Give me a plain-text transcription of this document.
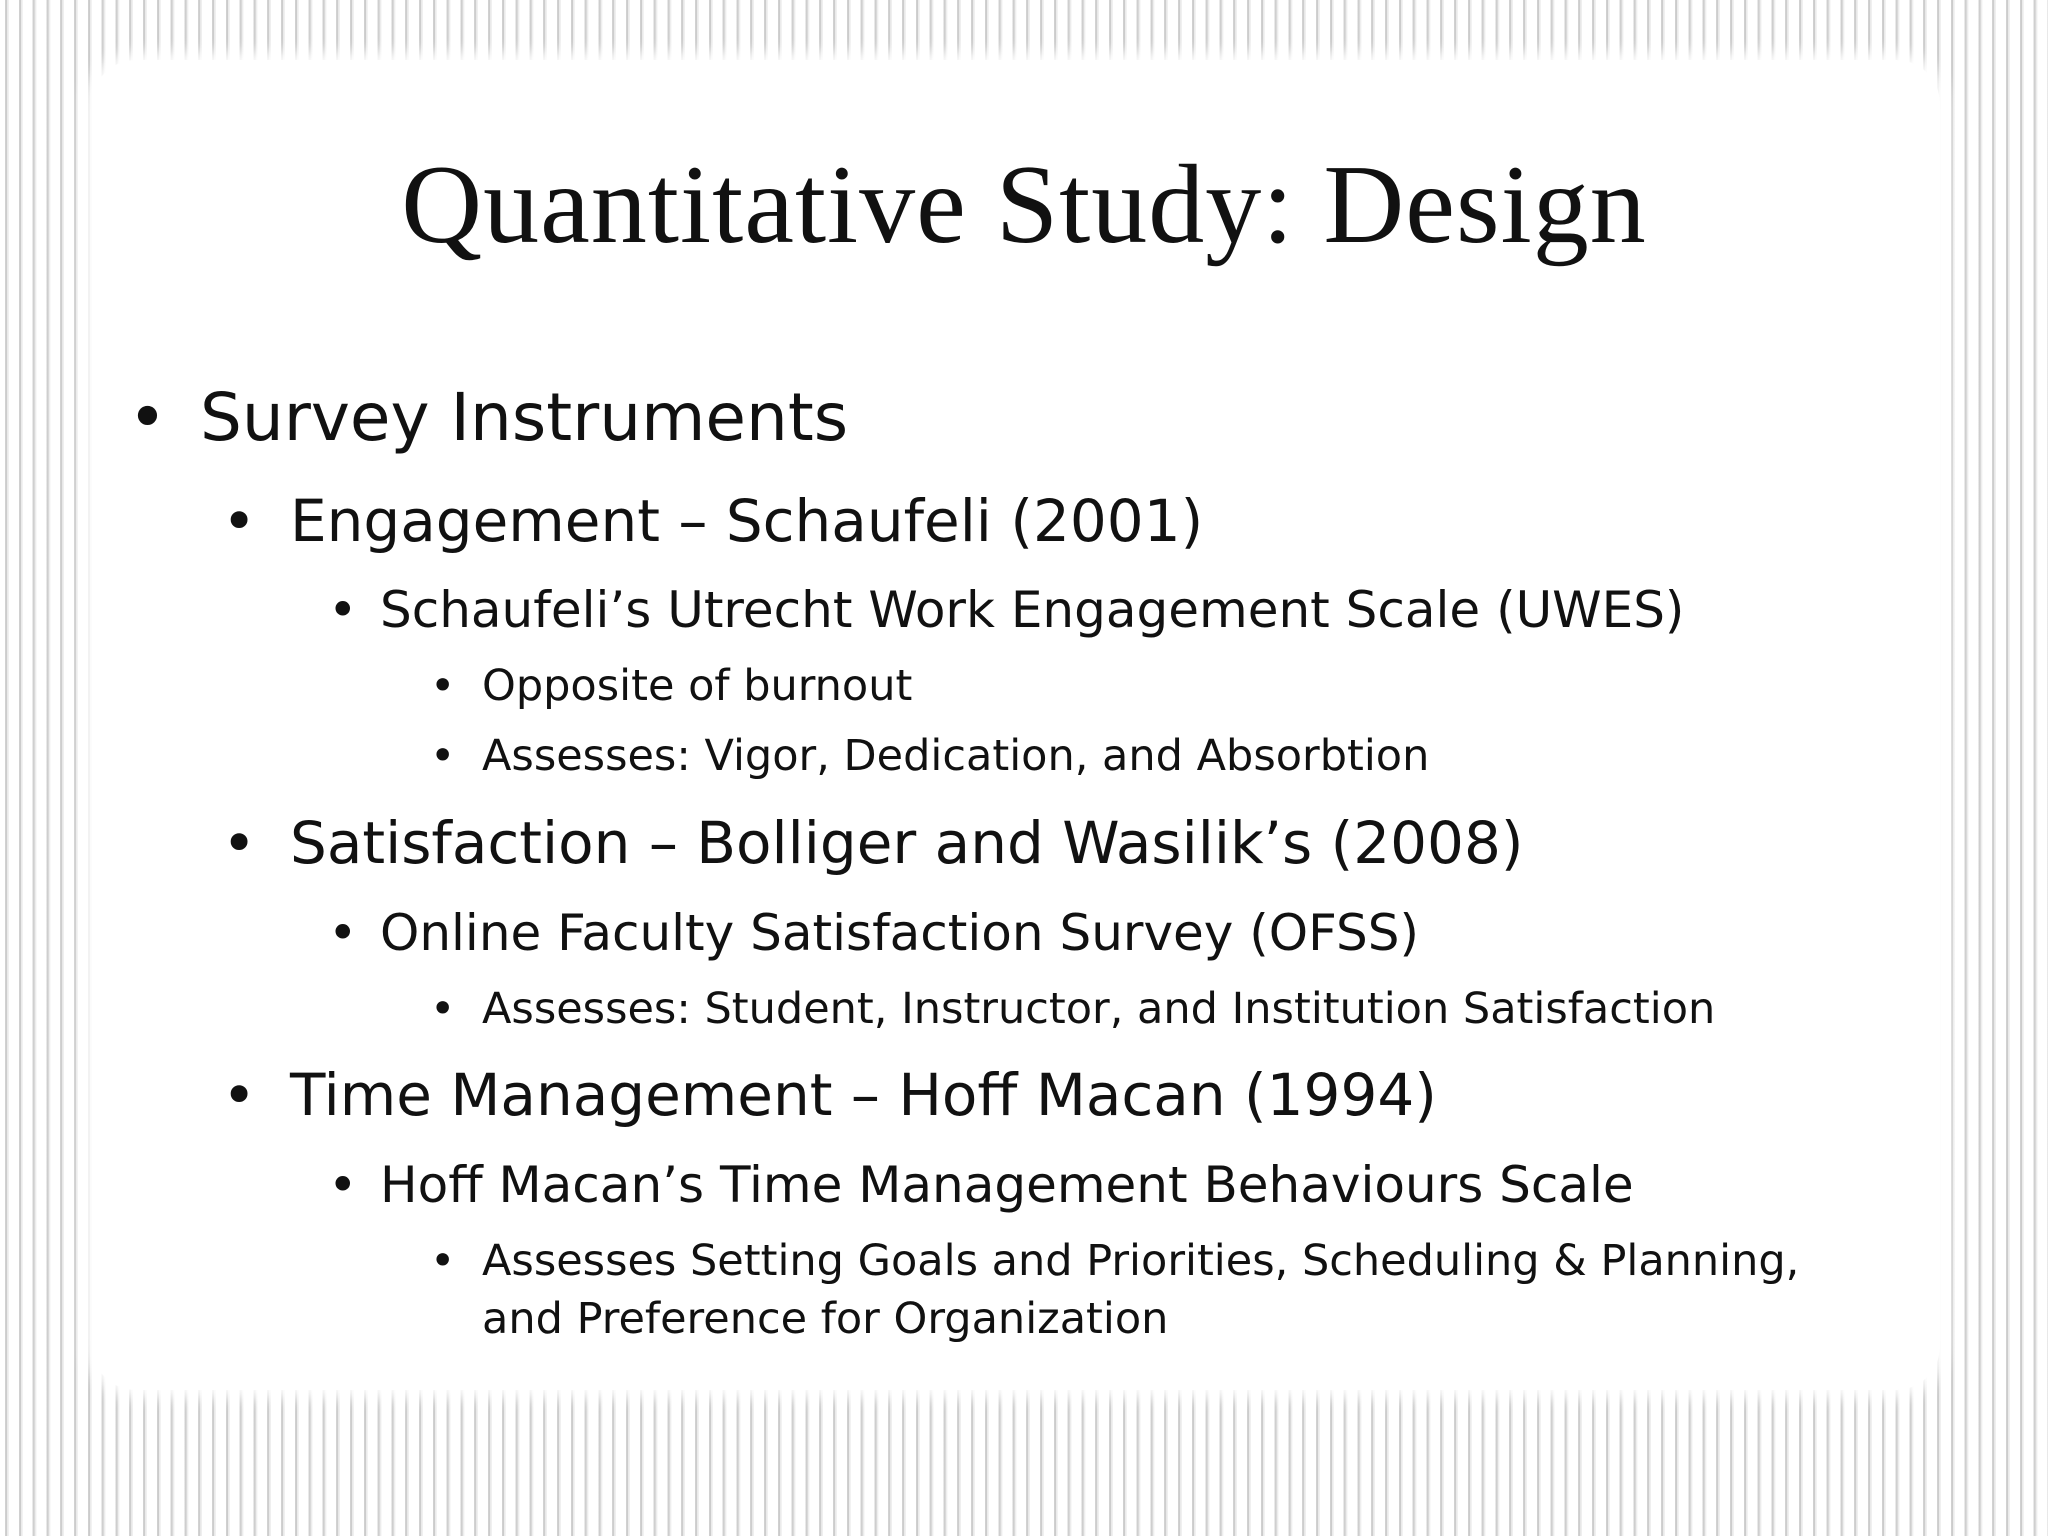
Quantitative Study: Design
• Survey Instruments
• Engagement – Schaufeli (2001)
• Schaufeli’s Utrecht Work Engagement Scale (UWES)
• Opposite of burnout
• Assesses: Vigor, Dedication, and Absorbtion
• Satisfaction – Bolliger and Wasilik’s (2008)
• Online Faculty Satisfaction Survey (OFSS)
• Assesses: Student, Instructor, and Institution Satisfaction
• Time Management – Hoff Macan (1994)
• Hoff Macan’s Time Management Behaviours Scale
• Assesses Setting Goals and Priorities, Scheduling & Planning, and Preference for Organization
